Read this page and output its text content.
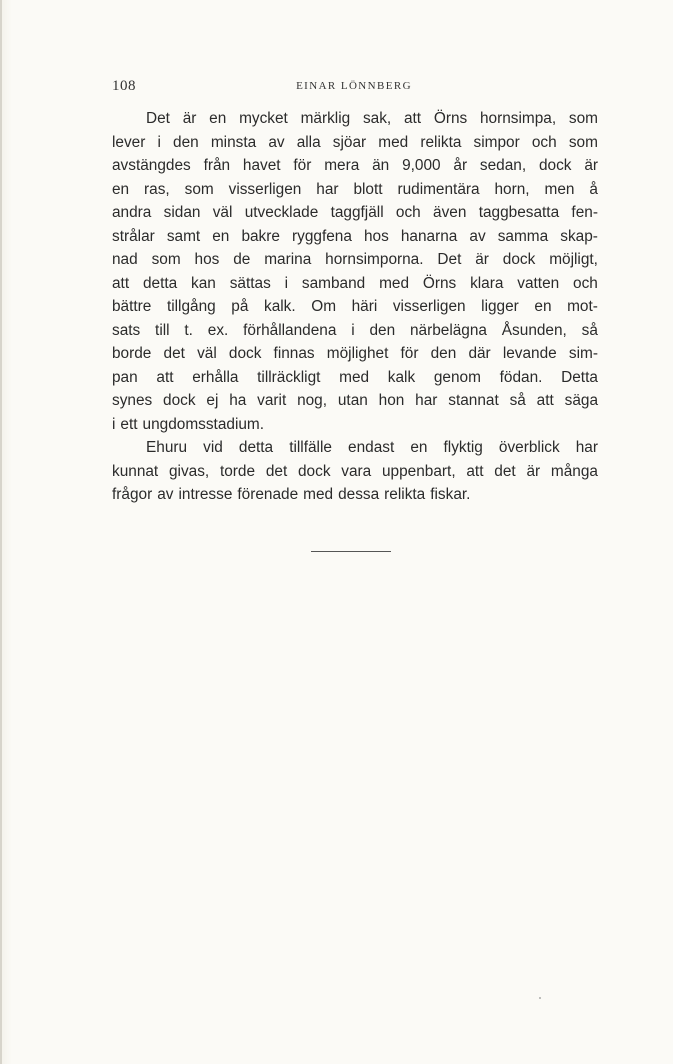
108	EINAR LÖNNBERG
Det är en mycket märklig sak, att Örns hornsimpa, som
lever i den minsta av alla sjöar med relikta simpor och som
avstängdes från havet för mera än 9,000 år sedan, dock är
en ras, som visserligen har blott rudimentära horn, men å
andra sidan väl utvecklade taggfjäll och även taggbesatta fen-
strålar samt en bakre ryggfena hos hanarna av samma skap-
nad som hos de marina hornsimporna. Det är dock möjligt,
att detta kan sättas i samband med Örns klara vatten och
bättre tillgång på kalk. Om häri visserligen ligger en mot-
sats till t. ex. förhållandena i den närbelägna Åsunden, så
borde det väl dock finnas möjlighet för den där levande sim-
pan att erhålla tillräckligt med kalk genom födan. Detta
synes dock ej ha varit nog, utan hon har stannat så att säga
i ett ungdomsstadium.
Ehuru vid detta tillfälle endast en flyktig överblick har
kunnat givas, torde det dock vara uppenbart, att det är många
frågor av intresse förenade med dessa relikta fiskar.
